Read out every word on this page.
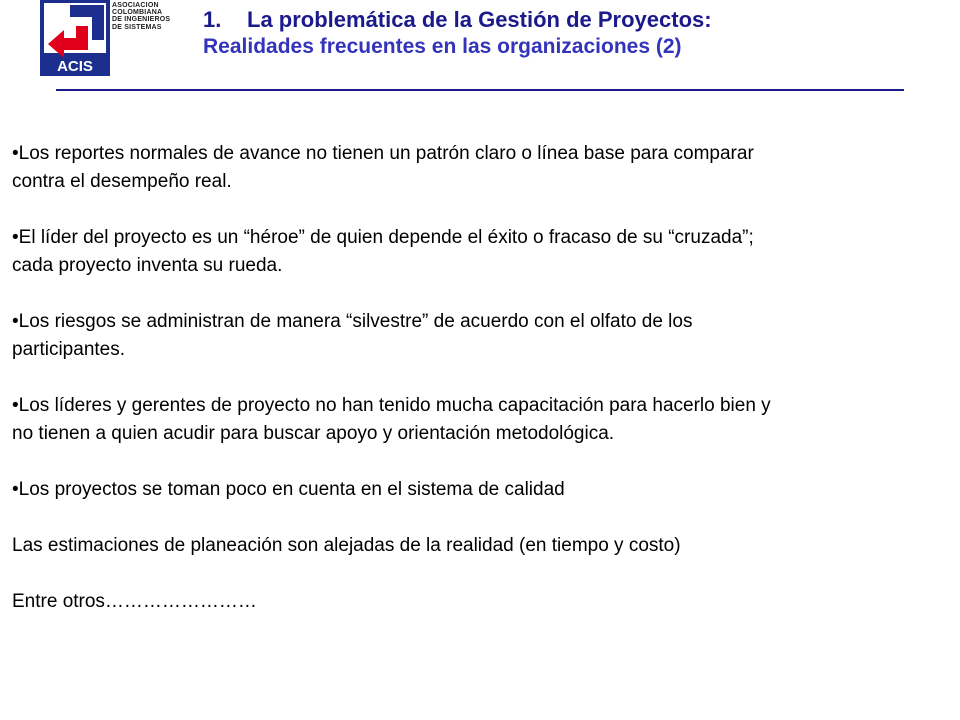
ACIS
ASOCIACION
COLOMBIANA
DE INGENIEROS
DE SISTEMAS	1. La problemática de la Gestión de Proyectos:
Realidades frecuentes en las organizaciones (2)

•Los reportes normales de avance no tienen un patrón claro o línea base para comparar contra el desempeño real.

•El líder del proyecto es un “héroe” de quien depende el éxito o fracaso de su “cruzada”; cada proyecto inventa su rueda.

•Los riesgos se administran de manera “silvestre” de acuerdo con el olfato de los participantes.

•Los líderes y gerentes de proyecto no han tenido mucha capacitación para hacerlo bien y no tienen a quien acudir para buscar apoyo y orientación metodológica.

•Los proyectos se toman poco en cuenta en el sistema de calidad

Las estimaciones de planeación son alejadas de la realidad (en tiempo y costo)

Entre otros……………………
